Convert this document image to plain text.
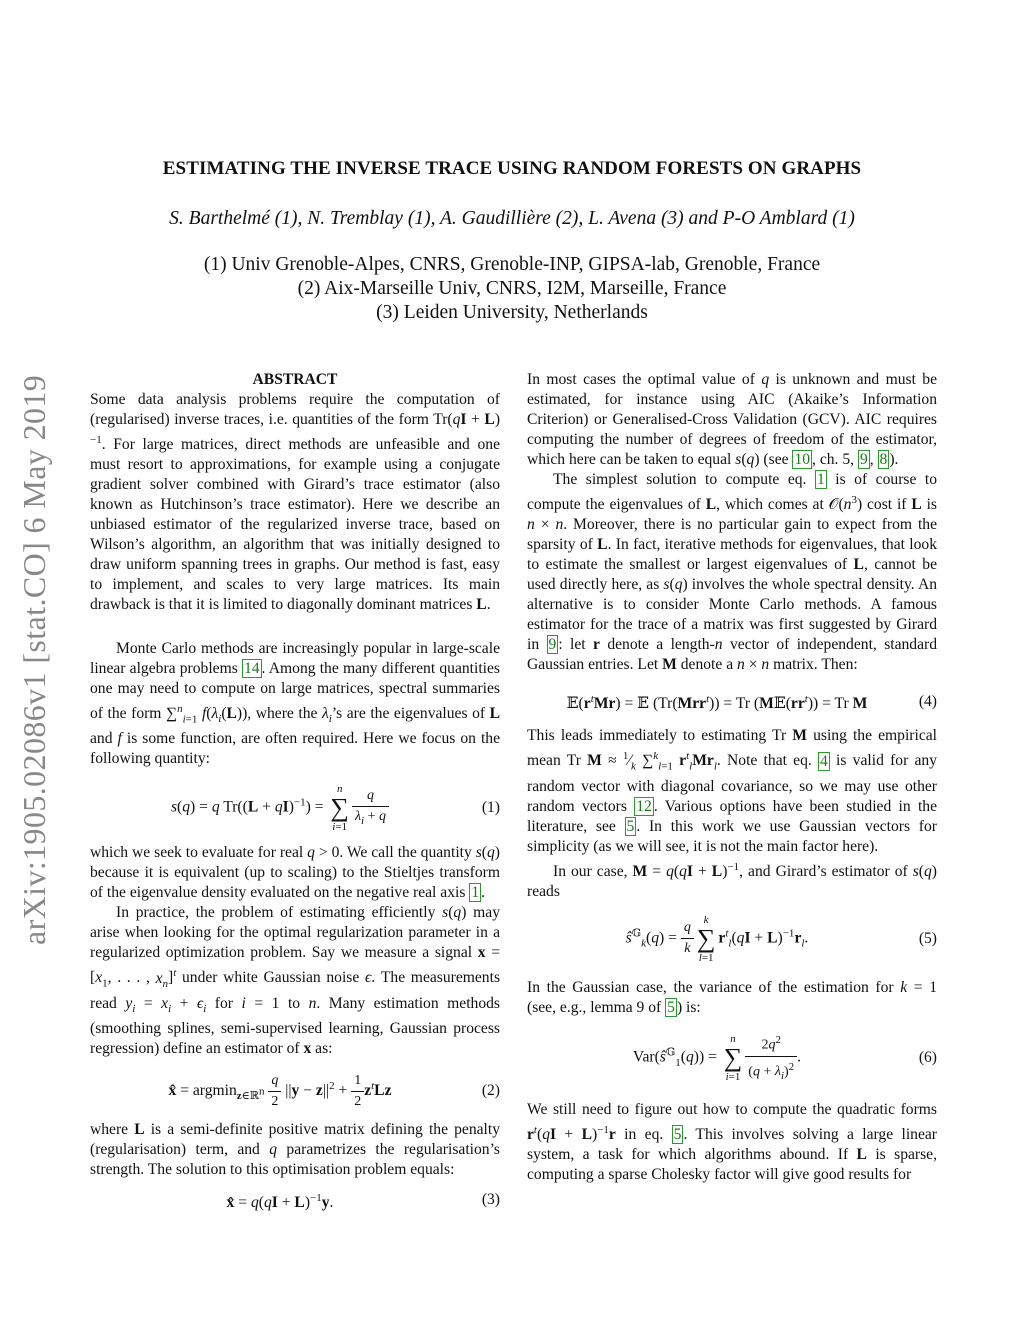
ESTIMATING THE INVERSE TRACE USING RANDOM FORESTS ON GRAPHS
S. Barthelmé (1), N. Tremblay (1), A. Gaudillière (2), L. Avena (3) and P-O Amblard (1)
(1) Univ Grenoble-Alpes, CNRS, Grenoble-INP, GIPSA-lab, Grenoble, France
(2) Aix-Marseille Univ, CNRS, I2M, Marseille, France
(3) Leiden University, Netherlands
arXiv:1905.02086v1 [stat.CO] 6 May 2019	ABSTRACT

Some data analysis problems require the computation of (regularised) inverse traces, i.e. quantities of the form Tr(qI + L)$^{-1}$. For large matrices, direct methods are unfeasible and one must resort to approximations, for example using a conjugate gradient solver combined with Girard’s trace estimator (also known as Hutchinson’s trace estimator). Here we describe an unbiased estimator of the regularized inverse trace, based on Wilson’s algorithm, an algorithm that was initially designed to draw uniform spanning trees in graphs. Our method is fast, easy to implement, and scales to very large matrices. Its main drawback is that it is limited to diagonally dominant matrices L.

Monte Carlo methods are increasingly popular in large-scale linear algebra problems 14 . Among the many different quantities one may need to compute on large matrices, spectral summaries of the form ∑$^n_{i=1}$ $f(\lambda_i(L))$, where the $\lambda_i’s$ are the eigenvalues of L and f is some function, are often required. Here we focus on the following quantity:

s(q) = q Tr((L + qI)$^{-1}$) = n
∑
$i=1 \frac{q}{\lambda_i + q}$	(1)

which we seek to evaluate for real q > 0. We call the quantity s(q) because it is equivalent (up to scaling) to the Stieltjes transform of the eigenvalue density evaluated on the negative real axis 1 .

In practice, the problem of estimating efficiently s(q) may arise when looking for the optimal regularization parameter in a regularized optimization problem. Say we measure a signal $x = [x_1$, . . . , $x_n]^t$ under white Gaussian noise ϵ. The measurements read $y_i = x_i + \epsilon_i$ for i = 1 to n. Many estimation methods (smoothing splines, semi-supervised learning, Gaussian process regression) define an estimator of x as:

x̂ = $argmin_{z\in ℝ^n} \frac{q}{2} ||y - z||^2 + \frac{1}{2} z^tLz$	(2)

where L is a semi-definite positive matrix defining the penalty (regularisation) term, and q parametrizes the regularisation’s strength. The solution to this optimisation problem equals:

x̂ = q(qI + L)$^{-1}$y.	(3)

In most cases the optimal value of q is unknown and must be estimated, for instance using AIC (Akaike’s Information Criterion) or Generalised-Cross Validation (GCV). AIC requires computing the number of degrees of freedom of the estimator, which here can be taken to equal s(q) (see 10 , ch. 5, 9 , 8 ).

The simplest solution to compute eq. 1 is of course to compute the eigenvalues of L, which comes at $𝒪(n^3)$ cost if L is n × n. Moreover, there is no particular gain to expect from the sparsity of L. In fact, iterative methods for eigenvalues, that look to estimate the smallest or largest eigenvalues of L, cannot be used directly here, as s(q) involves the whole spectral density. An alternative is to consider Monte Carlo methods. A famous estimator for the trace of a matrix was first suggested by Girard in 9 : let r denote a length-n vector of independent, standard Gaussian entries. Let M denote a n × n matrix. Then:

$𝔼(r^tMr)$ = 𝔼 (Tr(Mrr$^t$)) = Tr $(M𝔼(rr^t)) = Tr$ M	(4)

This leads immediately to estimating Tr M using the empirical mean Tr $M \approx ^1⁄_k$ ∑$^k_{l=1}$ $r^t_lMr_l$. Note that eq. 4 is valid for any random vector with diagonal covariance, so we may use other random vectors 12 . Various options have been studied in the literature, see 5 . In this work we use Gaussian vectors for simplicity (as we will see, it is not the main factor here).

In our case, M = q(qI + L)$^{-1}$, and Girard’s estimator of s(q) reads

$ŝ^𝔾_k(q) = \frac{q}{k}$ k
∑
$l=1r^t_l(qI + L)^{-1}r_l$.	(5)

In the Gaussian case, the variance of the estimation for k = 1 (see, e.g., lemma 9 of 5 ) is:

$Var(ŝ^𝔾_1(q)) = n$
∑
$i=1 \frac{2q^2}{(q + \lambda_i)^2}$ .	(6)

We still need to figure out how to compute the quadratic forms $r^t(qI + L)^{-1}r$ in eq. 5 . This involves solving a large linear system, a task for which algorithms abound. If L is sparse, computing a sparse Cholesky factor will give good results for
